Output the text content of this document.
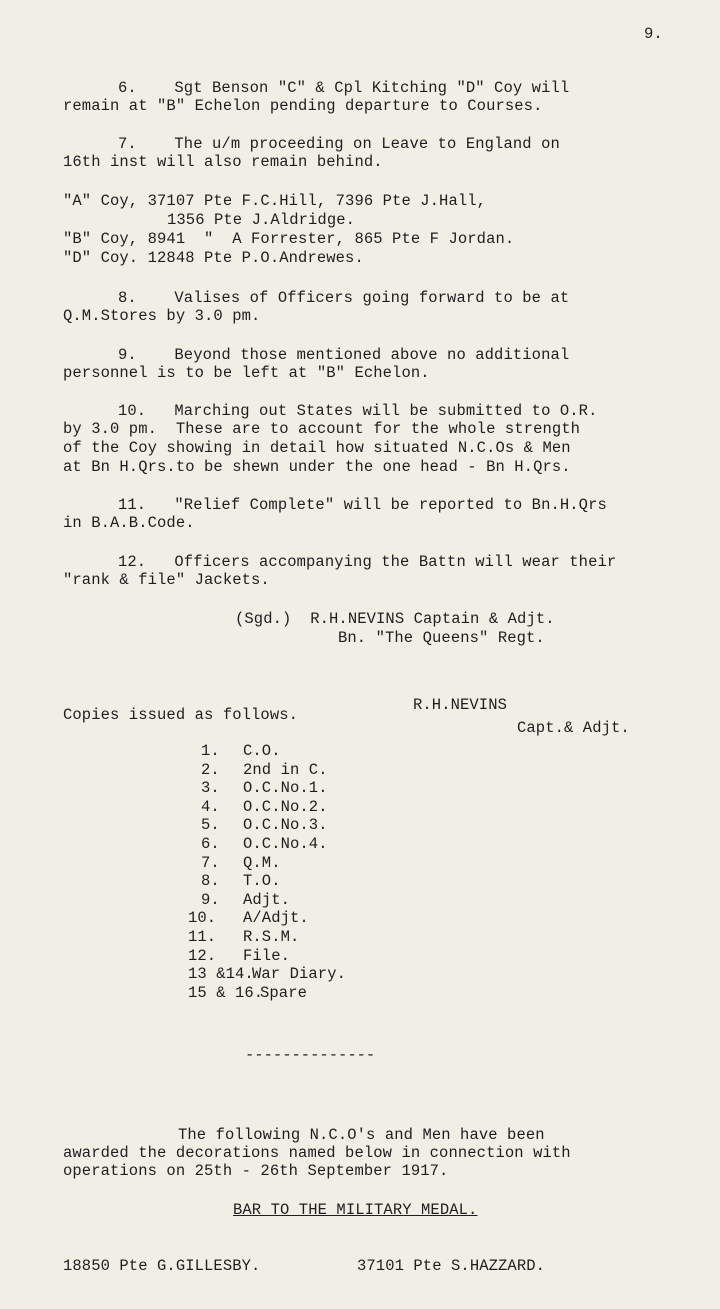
9.
6.    Sgt Benson "C" & Cpl Kitching "D" Coy will
remain at "B" Echelon pending departure to Courses.
7.    The u/m proceeding on Leave to England on
16th inst will also remain behind.
"A" Coy, 37107 Pte F.C.Hill, 7396 Pte J.Hall,
1356 Pte J.Aldridge.
"B" Coy, 8941  "  A Forrester, 865 Pte F Jordan.
"D" Coy. 12848 Pte P.O.Andrewes.
8.    Valises of Officers going forward to be at
Q.M.Stores by 3.0 pm.
9.    Beyond those mentioned above no additional
personnel is to be left at "B" Echelon.
10.   Marching out States will be submitted to O.R.
by 3.0 pm.  These are to account for the whole strength
of the Coy showing in detail how situated N.C.Os & Men
at Bn H.Qrs.to be shewn under the one head - Bn H.Qrs.
11.   "Relief Complete" will be reported to Bn.H.Qrs
in B.A.B.Code.
12.   Officers accompanying the Battn will wear their
"rank & file" Jackets.
(Sgd.)  R.H.NEVINS Captain & Adjt.
Bn. "The Queens" Regt.
Copies issued as follows.
R.H.NEVINS
Capt.& Adjt.
1. C.O.
2. 2nd in C.
3. O.C.No.1.
4. O.C.No.2.
5. O.C.No.3.
6. O.C.No.4.
7. Q.M.
8. T.O.
9. Adjt.
10. A/Adjt.
11. R.S.M.
12. File.
13 &14.
War Diary.
15 & 16.
Spare
--------------
The following N.C.O's and Men have been
awarded the decorations named below in connection with
operations on 25th - 26th September 1917.
BAR TO THE MILITARY MEDAL.
18850 Pte G.GILLESBY.	37101 Pte S.HAZZARD.
